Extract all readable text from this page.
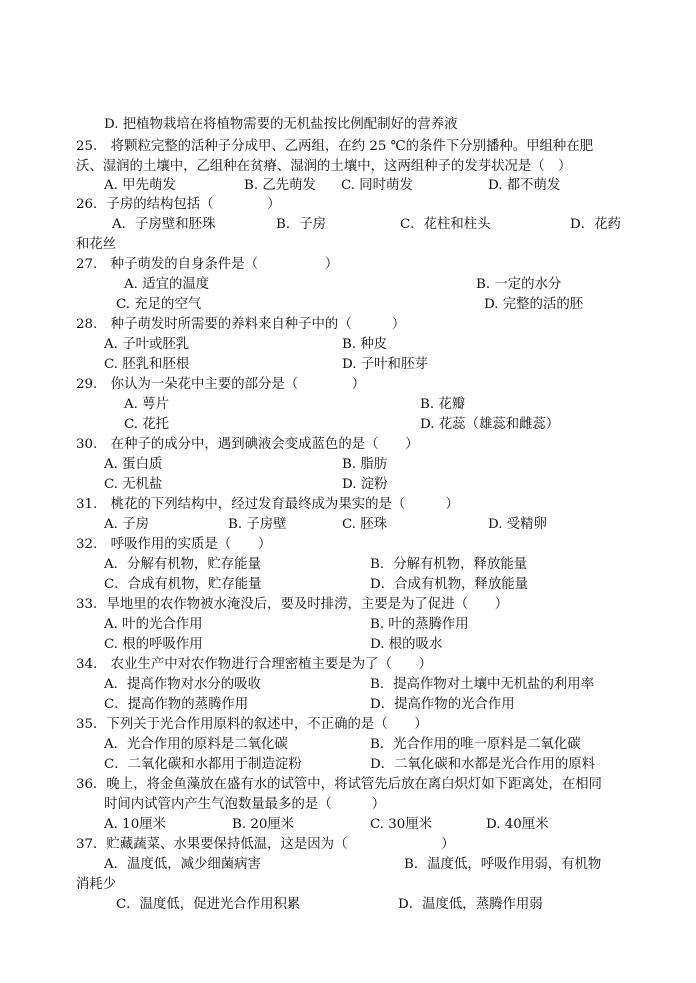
D. 把植物栽培在将植物需要的无机盐按比例配制好的营养液
25.　将颗粒完整的活种子分成甲、乙两组，在约 25 ℃的条件下分别播种。甲组种在肥
沃、湿润的土壤中，乙组种在贫瘠、湿润的土壤中，这两组种子的发芽状况是（　）
A. 甲先萌发	B. 乙先萌发 C. 同时萌发	D. 都不萌发
26．子房的结构包括（　　　　）
A．子房壁和胚珠	B．子房	C．花柱和柱头	D．花药
和花丝
27.　种子萌发的自身条件是（　　　　　）
A. 适宜的温度	B. 一定的水分
C. 充足的空气	D. 完整的活的胚
28.　种子萌发时所需要的养料来自种子中的（　　　）
A. 子叶或胚乳	B. 种皮
C. 胚乳和胚根	D. 子叶和胚芽
29.　你认为一朵花中主要的部分是（　　　　）
A. 萼片	B. 花瓣
C. 花托	D. 花蕊（雄蕊和雌蕊）
30.　在种子的成分中，遇到碘液会变成蓝色的是（　　）
A. 蛋白质	B. 脂肪
C. 无机盐	D. 淀粉
31.　桃花的下列结构中，经过发育最终成为果实的是（　　　）
A. 子房	B. 子房壁	C. 胚珠	D. 受精卵
32.　呼吸作用的实质是（　　）
A．分解有机物，贮存能量	B．分解有机物，释放能量
C．合成有机物，贮存能量	D．合成有机物，释放能量
33．旱地里的农作物被水淹没后，要及时排涝，主要是为了促进（　　）
A. 叶的光合作用	B. 叶的蒸腾作用
C. 根的呼吸作用	D. 根的吸水
34.　农业生产中对农作物进行合理密植主要是为了（　　）
A．提高作物对水分的吸收	B．提高作物对土壤中无机盐的利用率
C．提高作物的蒸腾作用	D．提高作物的光合作用
35．下列关于光合作用原料的叙述中，不正确的是（　　）
A．光合作用的原料是二氧化碳	B．光合作用的唯一原料是二氧化碳
C．二氧化碳和水都用于制造淀粉	D．二氧化碳和水都是光合作用的原料
36．晚上，将金鱼藻放在盛有水的试管中，将试管先后放在离白炽灯如下距离处，在相同
时间内试管内产生气泡数量最多的是（　　　）
A. 10厘米	B. 20厘米	C. 30厘米	D. 40厘米
37．贮藏蔬菜、水果要保持低温，这是因为（　　　　　　　）
A．温度低，减少细菌病害	B．温度低，呼吸作用弱，有机物
消耗少
C．温度低，促进光合作用积累	D．温度低，蒸腾作用弱
